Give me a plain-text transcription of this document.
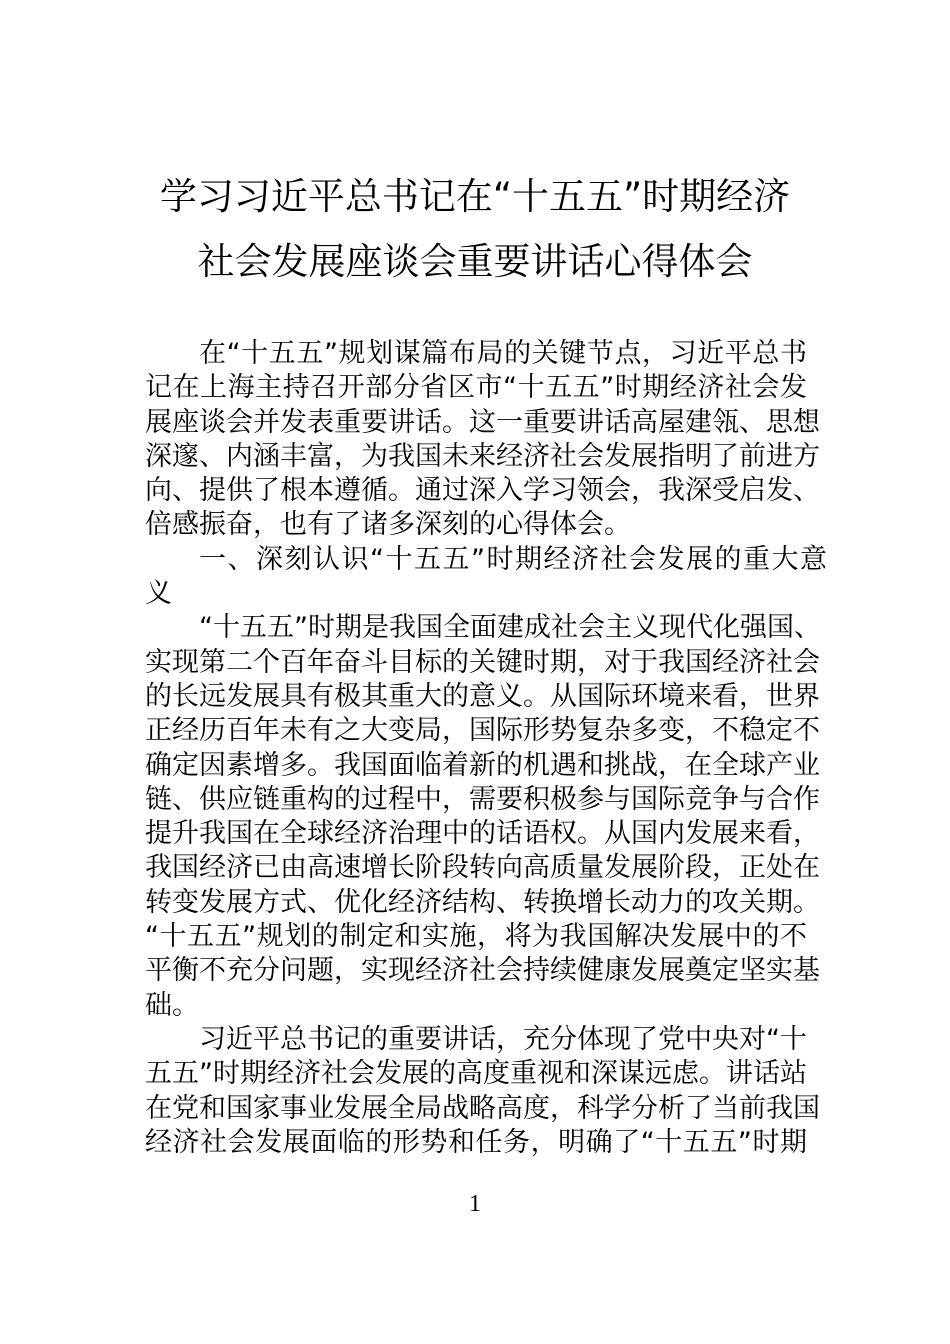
学习习近平总书记在“十五五”时期经济
社会发展座谈会重要讲话心得体会
在“十五五”规划谋篇布局的关键节点，习近平总书
记在上海主持召开部分省区市“十五五”时期经济社会发
展座谈会并发表重要讲话。这一重要讲话高屋建瓴、思想
深邃、内涵丰富，为我国未来经济社会发展指明了前进方
向、提供了根本遵循。通过深入学习领会，我深受启发、
倍感振奋，也有了诸多深刻的心得体会。
一、深刻认识“十五五”时期经济社会发展的重大意
义
“十五五”时期是我国全面建成社会主义现代化强国、
实现第二个百年奋斗目标的关键时期，对于我国经济社会
的长远发展具有极其重大的意义。从国际环境来看，世界
正经历百年未有之大变局，国际形势复杂多变，不稳定不
确定因素增多。我国面临着新的机遇和挑战，在全球产业
链、供应链重构的过程中，需要积极参与国际竞争与合作
提升我国在全球经济治理中的话语权。从国内发展来看，
我国经济已由高速增长阶段转向高质量发展阶段，正处在
转变发展方式、优化经济结构、转换增长动力的攻关期。
“十五五”规划的制定和实施，将为我国解决发展中的不
平衡不充分问题，实现经济社会持续健康发展奠定坚实基
础。
习近平总书记的重要讲话，充分体现了党中央对“十
五五”时期经济社会发展的高度重视和深谋远虑。讲话站
在党和国家事业发展全局战略高度，科学分析了当前我国
经济社会发展面临的形势和任务，明确了“十五五”时期
1
